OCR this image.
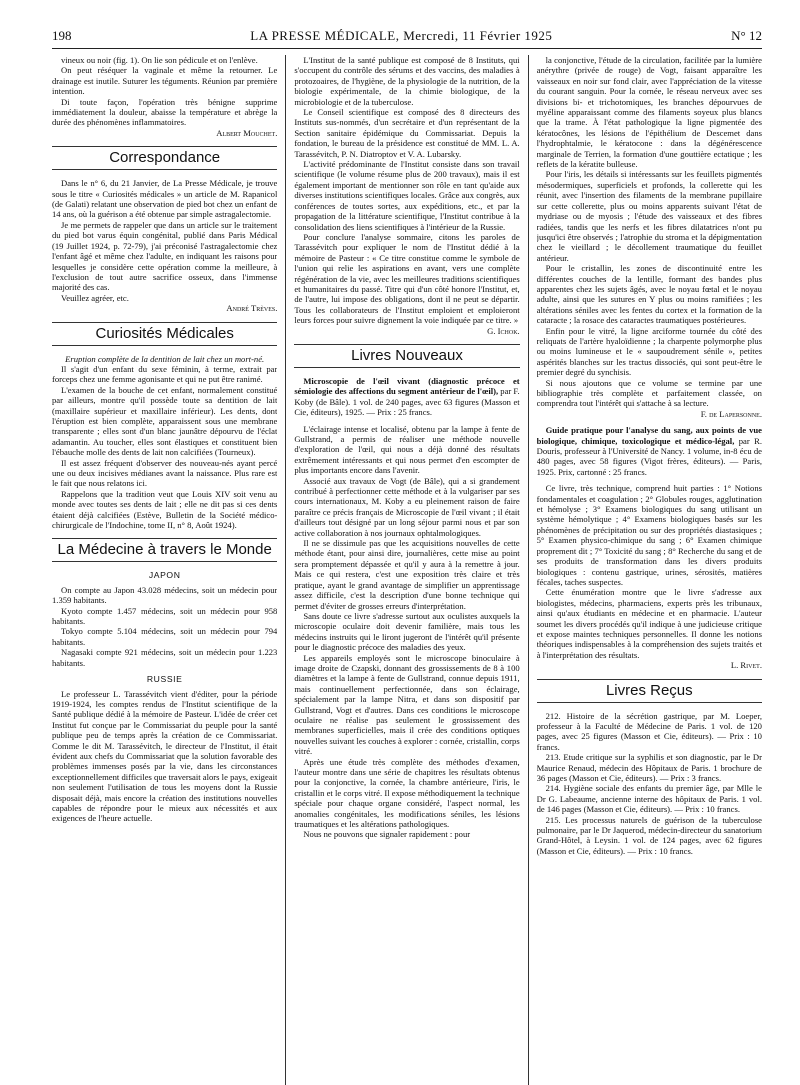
198	LA PRESSE MÉDICALE, Mercredi, 11 Février 1925	N° 12

vineux ou noir (fig. 1). On lie son pédicule et on l'enlève.

On peut réséquer la vaginale et même la retourner. Le drainage est inutile. Suturer les téguments. Réunion par première intention.

Di toute façon, l'opération très bénigne supprime immédiatement la douleur, abaisse la température et abrège la durée des phénomènes inflammatoires.

Albert Mouchet.

Correspondance

Dans le n° 6, du 21 Janvier, de La Presse Médicale, je trouve sous le titre « Curiosités médicales » un article de M. Rapanicol (de Galati) relatant une observation de pied bot chez un enfant de 14 ans, où la guérison a été obtenue par simple astragalectomie.

Je me permets de rappeler que dans un article sur le traitement du pied bot varus équin congénital, publié dans Paris Médical (19 Juillet 1924, p. 72-79), j'ai préconisé l'astragalectomie chez l'enfant âgé et même chez l'adulte, en indiquant les raisons pour lesquelles je considère cette opération comme la meilleure, à l'exclusion de tout autre sacrifice osseux, dans l'immense majorité des cas.

Veuillez agréer, etc.

André Trèves.

Curiosités Médicales

Eruption complète de la dentition de lait chez un mort-né.

Il s'agit d'un enfant du sexe féminin, à terme, extrait par forceps chez une femme agonisante et qui ne put être ranimé.

L'examen de la bouche de cet enfant, normalement constitué par ailleurs, montre qu'il possède toute sa dentition de lait (maxillaire supérieur et maxillaire inférieur). Les dents, dont l'éruption est bien complète, apparaissent sous une membrane transparente ; elles sont d'un blanc jaunâtre dépourvu de l'éclat adamantin. Au toucher, elles sont élastiques et constituent bien l'ébauche molle des dents de lait non calcifiées (Tourneux).

Il est assez fréquent d'observer des nouveau-nés ayant percé une ou deux incisives médianes avant la naissance. Plus rare est le fait que nous relatons ici.

Rappelons que la tradition veut que Louis XIV soit venu au monde avec toutes ses dents de lait ; elle ne dit pas si ces dents étaient déjà calcifiées (Estève, Bulletin de la Société médico-chirurgicale de l'Indochine, tome II, n° 8, Août 1924).

La Médecine à travers le Monde
JAPON

On compte au Japon 43.028 médecins, soit un médecin pour 1.359 habitants.

Kyoto compte 1.457 médecins, soit un médecin pour 958 habitants.

Tokyo compte 5.104 médecins, soit un médecin pour 794 habitants.

Nagasaki compte 921 médecins, soit un médecin pour 1.223 habitants.

RUSSIE

Le professeur L. Tarassévitch vient d'éditer, pour la période 1919-1924, les comptes rendus de l'Institut scientifique de la Santé publique dédié à la mémoire de Pasteur. L'idée de créer cet Institut fut conçue par le Commissariat du peuple pour la santé publique peu de temps après la création de ce Commissariat. Comme le dit M. Tarassévitch, le directeur de l'Institut, il était évident aux chefs du Commissariat que la solution favorable des problèmes immenses posés par la vie, dans les circonstances exceptionnellement difficiles que traversait alors le pays, exigeait non seulement l'utilisation de tous les moyens dont la Russie disposait déjà, mais encore la création des institutions nouvelles capables de répondre pour le mieux aux nécessités et aux exigences de l'heure actuelle.

L'Institut de la santé publique est composé de 8 Instituts, qui s'occupent du contrôle des sérums et des vaccins, des maladies à protozoaires, de l'hygiène, de la physiologie de la nutrition, de la biologie expérimentale, de la chimie biologique, de la microbiologie et de la tuberculose.

Le Conseil scientifique est composé des 8 directeurs des Instituts sus-nommés, d'un secrétaire et d'un représentant de la Section sanitaire épidémique du Commissariat. Depuis la fondation, le bureau de la présidence est constitué de MM. L. A. Tarassévitch, P. N. Diatroptov et V. A. Lubarsky.

L'activité prédominante de l'Institut consiste dans son travail scientifique (le volume résume plus de 200 travaux), mais il est également important de mentionner son rôle en tant qu'aide aux diverses institutions scientifiques locales. Grâce aux congrès, aux conférences de toutes sortes, aux expéditions, etc., et par la propagation de la littérature scientifique, l'Institut contribue à la consolidation des liens scientifiques à l'intérieur de la Russie.

Pour conclure l'analyse sommaire, citons les paroles de Tarassévitch pour expliquer le nom de l'Institut dédié à la mémoire de Pasteur : « Ce titre constitue comme le symbole de l'union qui relie les aspirations en avant, vers une complète régénération de la vie, avec les meilleures traditions scientifiques et humanitaires du passé. Titre qui d'un côté honore l'Institut, et, de l'autre, lui impose des obligations, dont il ne peut se départir. Tous les collaborateurs de l'Institut emploient et emploieront leurs forces pour suivre dignement la voie indiquée par ce titre. »

G. Ichok.

Livres Nouveaux

Microscopie de l'œil vivant (diagnostic précoce et sémiologie des affections du segment antérieur de l'œil), par F. Koby (de Bâle). 1 vol. de 240 pages, avec 63 figures (Masson et Cie, éditeurs), 1925. — Prix : 25 francs.

L'éclairage intense et localisé, obtenu par la lampe à fente de Gullstrand, a permis de réaliser une méthode nouvelle d'exploration de l'œil, qui nous a déjà donné des résultats extrêmement intéressants et qui nous permet d'en escompter de plus importants encore dans l'avenir.

Associé aux travaux de Vogt (de Bâle), qui a si grandement contribué à perfectionner cette méthode et à la vulgariser par ses cours internationaux, M. Koby a eu pleinement raison de faire paraître ce précis français de Microscopie de l'œil vivant ; il était d'ailleurs tout désigné par un long séjour parmi nous et par son active collaboration à nos journaux ophtalmologiques.

Il ne se dissimule pas que les acquisitions nouvelles de cette méthode étant, pour ainsi dire, journalières, cette mise au point sera promptement dépassée et qu'il y aura à la remettre à jour. Mais ce qui restera, c'est une exposition très claire et très pratique, ayant le grand avantage de simplifier un apprentissage assez difficile, c'est la description d'une bonne technique qui permet d'éviter de grosses erreurs d'interprétation.

Sans doute ce livre s'adresse surtout aux oculistes auxquels la microscopie oculaire doit devenir familière, mais tous les médecins instruits qui le liront jugeront de l'intérêt qu'il présente pour le diagnostic précoce des maladies des yeux.

Les appareils employés sont le microscope binoculaire à image droite de Czapski, donnant des grossissements de 8 à 100 diamètres et la lampe à fente de Gullstrand, connue depuis 1911, mais continuellement perfectionnée, dans son éclairage, spécialement par la lampe Nitra, et dans son dispositif par Gullstrand, Vogt et d'autres. Dans ces conditions le microscope oculaire ne réalise pas seulement le grossissement des membranes superficielles, mais il crée des conditions optiques nouvelles suivant les couches à explorer : cornée, cristallin, corps vitré.

Après une étude très complète des méthodes d'examen, l'auteur montre dans une série de chapitres les résultats obtenus pour la conjonctive, la cornée, la chambre antérieure, l'iris, le cristallin et le corps vitré. Il expose méthodiquement la technique spéciale pour chaque organe considéré, l'aspect normal, les anomalies congénitales, les modifications séniles, les lésions traumatiques et les altérations pathologiques.

Nous ne pouvons que signaler rapidement : pour

la conjonctive, l'étude de la circulation, facilitée par la lumière anérythre (privée de rouge) de Vogt, faisant apparaître les vaisseaux en noir sur fond clair, avec l'appréciation de la vitesse du courant sanguin. Pour la cornée, le réseau nerveux avec ses divisions bi- et trichotomiques, les branches dépourvues de myéline apparaissant comme des filaments soyeux plus blancs que la trame. À l'état pathologique la ligne pigmentée des kératocônes, les lésions de l'épithélium de Descemet dans l'hydrophtalmie, le kératocone : dans la dégénérescence marginale de Terrien, la formation d'une gouttière ectatique ; les reflets de la kératite bulleuse.

Pour l'iris, les détails si intéressants sur les feuillets pigmentés mésodermiques, superficiels et profonds, la collerette qui les réunit, avec l'insertion des filaments de la membrane pupillaire sur cette collerette, plus ou moins apparents suivant l'état de mydriase ou de myosis ; l'étude des vaisseaux et des fibres radiées, tandis que les nerfs et les fibres dilatatrices n'ont pu jusqu'ici être observés ; l'atrophie du stroma et la dépigmentation chez le vieillard ; le décollement traumatique du feuillet antérieur.

Pour le cristallin, les zones de discontinuité entre les différentes couches de la lentille, formant des bandes plus apparentes chez les sujets âgés, avec le noyau fœtal et le noyau adulte, ainsi que les sutures en Y plus ou moins ramifiées ; les altérations séniles avec les fentes du cortex et la formation de la cataracte ; la rosace des cataractes traumatiques postérieures.

Enfin pour le vitré, la ligne arciforme tournée du côté des reliquats de l'artère hyaloïdienne ; la charpente polymorphe plus ou moins lumineuse et le « saupoudrement sénile », petites aspérités blanches sur les tractus dissociés, qui sont peut-être le premier degré du synchisis.

Si nous ajoutons que ce volume se termine par une bibliographie très complète et parfaitement classée, on comprendra tout l'intérêt qui s'attache à sa lecture.

F. de Lapersonne.

Guide pratique pour l'analyse du sang, aux points de vue biologique, chimique, toxicologique et médico-légal, par R. Douris, professeur à l'Université de Nancy. 1 volume, in-8 écu de 480 pages, avec 58 figures (Vigot frères, éditeurs). — Paris, 1925. Prix, cartonné : 25 francs.

Ce livre, très technique, comprend huit parties : 1° Notions fondamentales et coagulation ; 2° Globules rouges, agglutination et hémolyse ; 3° Examens biologiques du sang utilisant un système hémolytique ; 4° Examens biologiques basés sur les phénomènes de précipitation ou sur des propriétés diastasiques ; 5° Examen physico-chimique du sang ; 6° Examen chimique proprement dit ; 7° Toxicité du sang ; 8° Recherche du sang et de ses produits de transformation dans les divers produits biologiques : contenu gastrique, urines, sérosités, matières fécales, taches suspectes.

Cette énumération montre que le livre s'adresse aux biologistes, médecins, pharmaciens, experts près les tribunaux, ainsi qu'aux étudiants en médecine et en pharmacie. L'auteur soumet les divers procédés qu'il indique à une judicieuse critique et expose maintes techniques personnelles. Il donne les notions théoriques indispensables à la compréhension des sujets traités et à l'interprétation des résultats.

L. Rivet.

Livres Reçus

212. Histoire de la sécrétion gastrique, par M. Loeper, professeur à la Faculté de Médecine de Paris. 1 vol. de 120 pages, avec 25 figures (Masson et Cie, éditeurs). — Prix : 10 francs.

213. Etude critique sur la syphilis et son diagnostic, par le Dr Maurice Renaud, médecin des Hôpitaux de Paris. 1 brochure de 36 pages (Masson et Cie, éditeurs). — Prix : 3 francs.

214. Hygiène sociale des enfants du premier âge, par Mlle le Dr G. Labeaume, ancienne interne des hôpitaux de Paris. 1 vol. de 146 pages (Masson et Cie, éditeurs). — Prix : 10 francs.

215. Les processus naturels de guérison de la tuberculose pulmonaire, par le Dr Jaquerod, médecin-directeur du sanatorium Grand-Hôtel, à Leysin. 1 vol. de 124 pages, avec 62 figures (Masson et Cie, éditeurs). — Prix : 10 francs.
